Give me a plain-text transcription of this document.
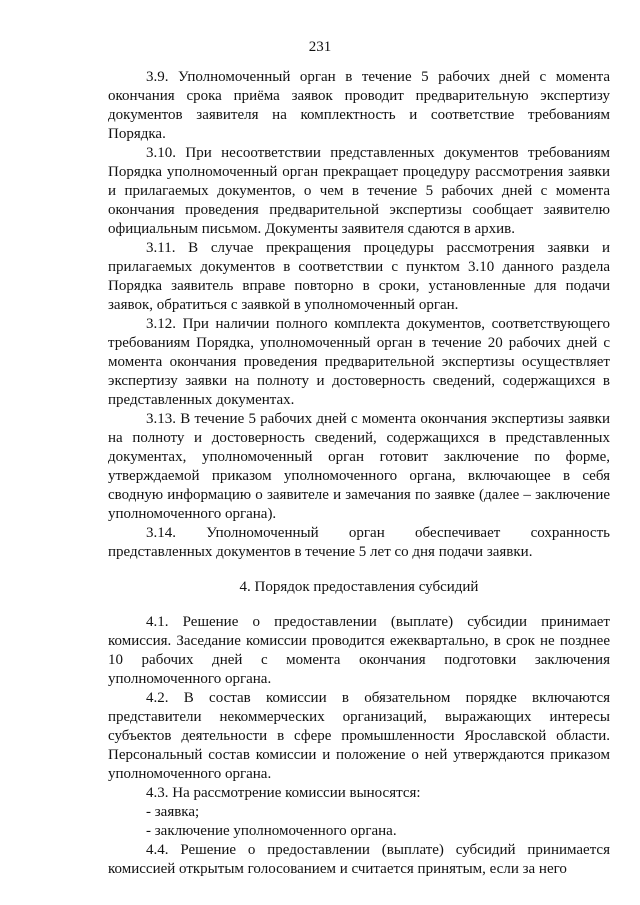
231

3.9. Уполномоченный орган в течение 5 рабочих дней с момента окончания срока приёма заявок проводит предварительную экспертизу документов заявителя на комплектность и соответствие требованиям Порядка.

3.10. При несоответствии представленных документов требованиям Порядка уполномоченный орган прекращает процедуру рассмотрения заявки и прилагаемых документов, о чем в течение 5 рабочих дней с момента окончания проведения предварительной экспертизы сообщает заявителю официальным письмом. Документы заявителя сдаются в архив.

3.11. В случае прекращения процедуры рассмотрения заявки и прилагаемых документов в соответствии с пунктом 3.10 данного раздела Порядка заявитель вправе повторно в сроки, установленные для подачи заявок, обратиться с заявкой в уполномоченный орган.

3.12. При наличии полного комплекта документов, соответствующего требованиям Порядка, уполномоченный орган в течение 20 рабочих дней с момента окончания проведения предварительной экспертизы осуществляет экспертизу заявки на полноту и достоверность сведений, содержащихся в представленных документах.

3.13. В течение 5 рабочих дней с момента окончания экспертизы заявки на полноту и достоверность сведений, содержащихся в представленных документах, уполномоченный орган готовит заключение по форме, утверждаемой приказом уполномоченного органа, включающее в себя сводную информацию о заявителе и замечания по заявке (далее – заключение уполномоченного органа).

3.14. Уполномоченный орган обеспечивает сохранность представленных документов в течение 5 лет со дня подачи заявки.

4. Порядок предоставления субсидий

4.1. Решение о предоставлении (выплате) субсидии принимает комиссия. Заседание комиссии проводится ежеквартально, в срок не позднее 10 рабочих дней с момента окончания подготовки заключения уполномоченного органа.

4.2. В состав комиссии в обязательном порядке включаются представители некоммерческих организаций, выражающих интересы субъектов деятельности в сфере промышленности Ярославской области. Персональный состав комиссии и положение о ней утверждаются приказом уполномоченного органа.

4.3. На рассмотрение комиссии выносятся:

- заявка;

- заключение уполномоченного органа.

4.4. Решение о предоставлении (выплате) субсидий принимается комиссией открытым голосованием и считается принятым, если за него
